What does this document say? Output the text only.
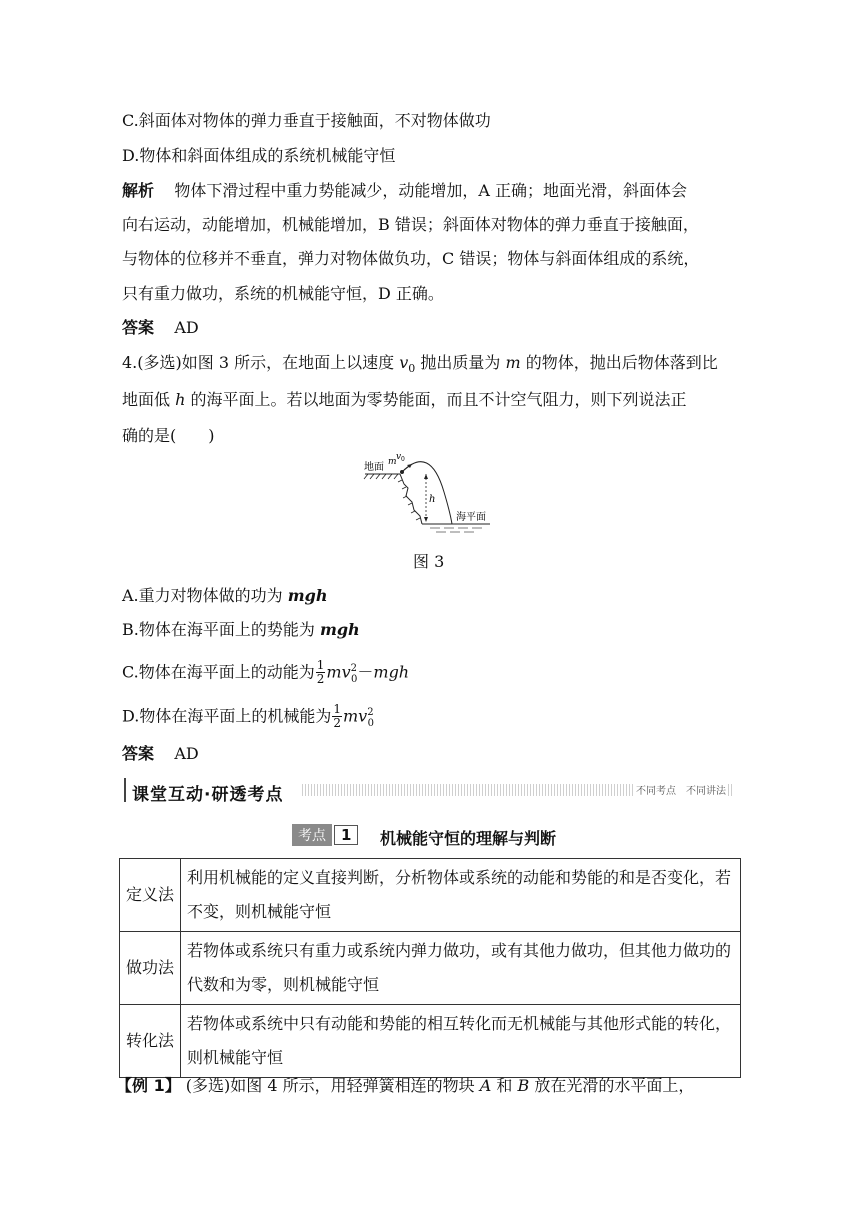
C.斜面体对物体的弹力垂直于接触面，不对物体做功
D.物体和斜面体组成的系统机械能守恒
解析 物体下滑过程中重力势能减少，动能增加，A 正确；地面光滑，斜面体会
向右运动，动能增加，机械能增加，B 错误；斜面体对物体的弹力垂直于接触面，
与物体的位移并不垂直，弹力对物体做负功，C 错误；物体与斜面体组成的系统，
只有重力做功，系统的机械能守恒，D 正确。
答案 AD
4.(多选)如图 3 所示，在地面上以速度 $v_0$ 抛出质量为 m 的物体，抛出后物体落到比
地面低 h 的海平面上。若以地面为零势能面，而且不计空气阻力，则下列说法正
确的是(　　)
地面 m v 0
h
海平面
图 3
A.重力对物体做的功为 mgh
B.物体在海平面上的势能为 mgh
C.物体在海平面上的动能为 $\frac{1}{2} mv^2_0-mgh$
D.物体在海平面上的机械能为 $\frac{1}{2} mv^2_0$
答案 AD
课堂互动·研透考点	不同考点　不同讲法
考点	1	机械能守恒的理解与判断
定义法	利用机械能的定义直接判断，分析物体或系统的动能和势能的和是否变化，若不变，则机械能守恒
做功法	若物体或系统只有重力或系统内弹力做功，或有其他力做功，但其他力做功的代数和为零，则机械能守恒
转化法	若物体或系统中只有动能和势能的相互转化而无机械能与其他形式能的转化，则机械能守恒
【例 1】 (多选)如图 4 所示，用轻弹簧相连的物块 A 和 B 放在光滑的水平面上，
